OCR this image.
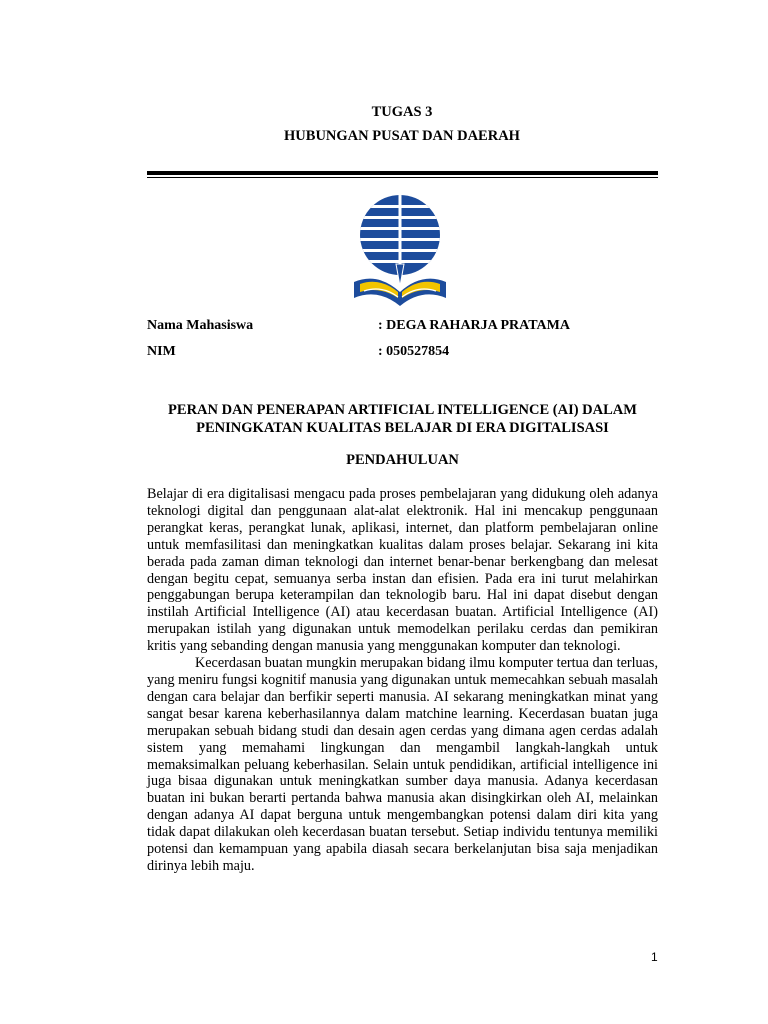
TUGAS 3
HUBUNGAN PUSAT DAN DAERAH
Nama Mahasiswa	: DEGA RAHARJA PRATAMA
NIM	: 050527854
PERAN DAN PENERAPAN ARTIFICIAL INTELLIGENCE (AI) DALAM PENINGKATAN KUALITAS BELAJAR DI ERA DIGITALISASI
PENDAHULUAN

Belajar di era digitalisasi mengacu pada proses pembelajaran yang didukung oleh adanya teknologi digital dan penggunaan alat-alat elektronik. Hal ini mencakup penggunaan perangkat keras, perangkat lunak, aplikasi, internet, dan platform pembelajaran online untuk memfasilitasi dan meningkatkan kualitas dalam proses belajar. Sekarang ini kita berada pada zaman diman teknologi dan internet benar-benar berkengbang dan melesat dengan begitu cepat, semuanya serba instan dan efisien. Pada era ini turut melahirkan penggabungan berupa keterampilan dan teknologib baru. Hal ini dapat disebut dengan instilah Artificial Intelligence (AI) atau kecerdasan buatan. Artificial Intelligence (AI) merupakan istilah yang digunakan untuk memodelkan perilaku cerdas dan pemikiran kritis yang sebanding dengan manusia yang menggunakan komputer dan teknologi.

Kecerdasan buatan mungkin merupakan bidang ilmu komputer tertua dan terluas, yang meniru fungsi kognitif manusia yang digunakan untuk memecahkan sebuah masalah dengan cara belajar dan berfikir seperti manusia. AI sekarang meningkatkan minat yang sangat besar karena keberhasilannya dalam matchine learning. Kecerdasan buatan juga merupakan sebuah bidang studi dan desain agen cerdas yang dimana agen cerdas adalah sistem yang memahami lingkungan dan mengambil langkah-langkah untuk memaksimalkan peluang keberhasilan. Selain untuk pendidikan, artificial intelligence ini juga bisaa digunakan untuk meningkatkan sumber daya manusia. Adanya kecerdasan buatan ini bukan berarti pertanda bahwa manusia akan disingkirkan oleh AI, melainkan dengan adanya AI dapat berguna untuk mengembangkan potensi dalam diri kita yang tidak dapat dilakukan oleh kecerdasan buatan tersebut. Setiap individu tentunya memiliki potensi dan kemampuan yang apabila diasah secara berkelanjutan bisa saja menjadikan dirinya lebih maju.

1
